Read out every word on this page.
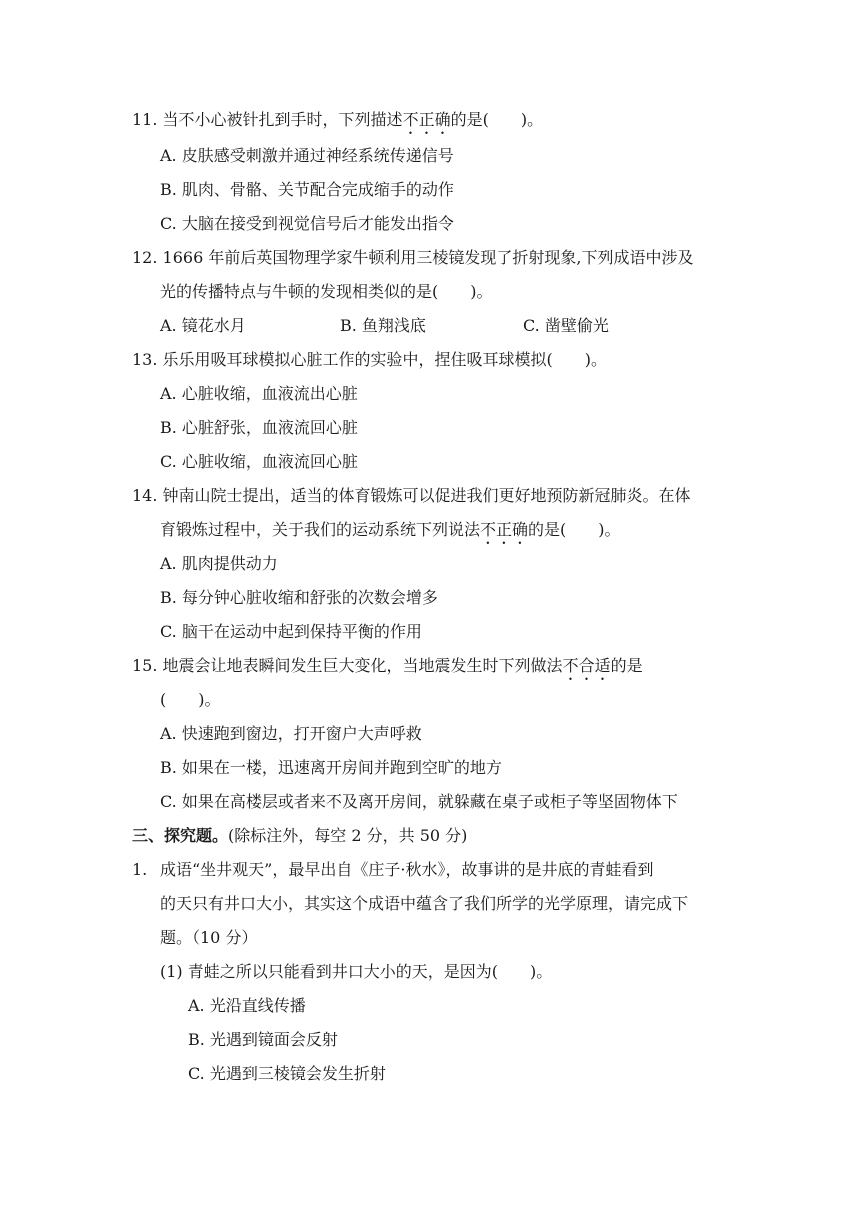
11. 当不小心被针扎到手时，下列描述不正确的是(　　)。
A. 皮肤感受刺激并通过神经系统传递信号
B. 肌肉、骨骼、关节配合完成缩手的动作
C. 大脑在接受到视觉信号后才能发出指令
12. 1666 年前后英国物理学家牛顿利用三棱镜发现了折射现象,下列成语中涉及
光的传播特点与牛顿的发现相类似的是(　　)。
A. 镜花水月	B. 鱼翔浅底	C. 凿壁偷光
13. 乐乐用吸耳球模拟心脏工作的实验中，捏住吸耳球模拟(　　)。
A. 心脏收缩，血液流出心脏
B. 心脏舒张，血液流回心脏
C. 心脏收缩，血液流回心脏
14. 钟南山院士提出，适当的体育锻炼可以促进我们更好地预防新冠肺炎。在体
育锻炼过程中，关于我们的运动系统下列说法不正确的是(　　)。
A. 肌肉提供动力
B. 每分钟心脏收缩和舒张的次数会增多
C. 脑干在运动中起到保持平衡的作用
15. 地震会让地表瞬间发生巨大变化，当地震发生时下列做法不合适的是
(　　)。
A. 快速跑到窗边，打开窗户大声呼救
B. 如果在一楼，迅速离开房间并跑到空旷的地方
C. 如果在高楼层或者来不及离开房间，就躲藏在桌子或柜子等坚固物体下
三、探究题。(除标注外，每空 2 分，共 50 分)
1. 成语“坐井观天”，最早出自《庄子·秋水》，故事讲的是井底的青蛙看到
的天只有井口大小，其实这个成语中蕴含了我们所学的光学原理，请完成下
题。（10 分）
(1) 青蛙之所以只能看到井口大小的天，是因为(　　)。
A. 光沿直线传播
B. 光遇到镜面会反射
C. 光遇到三棱镜会发生折射
